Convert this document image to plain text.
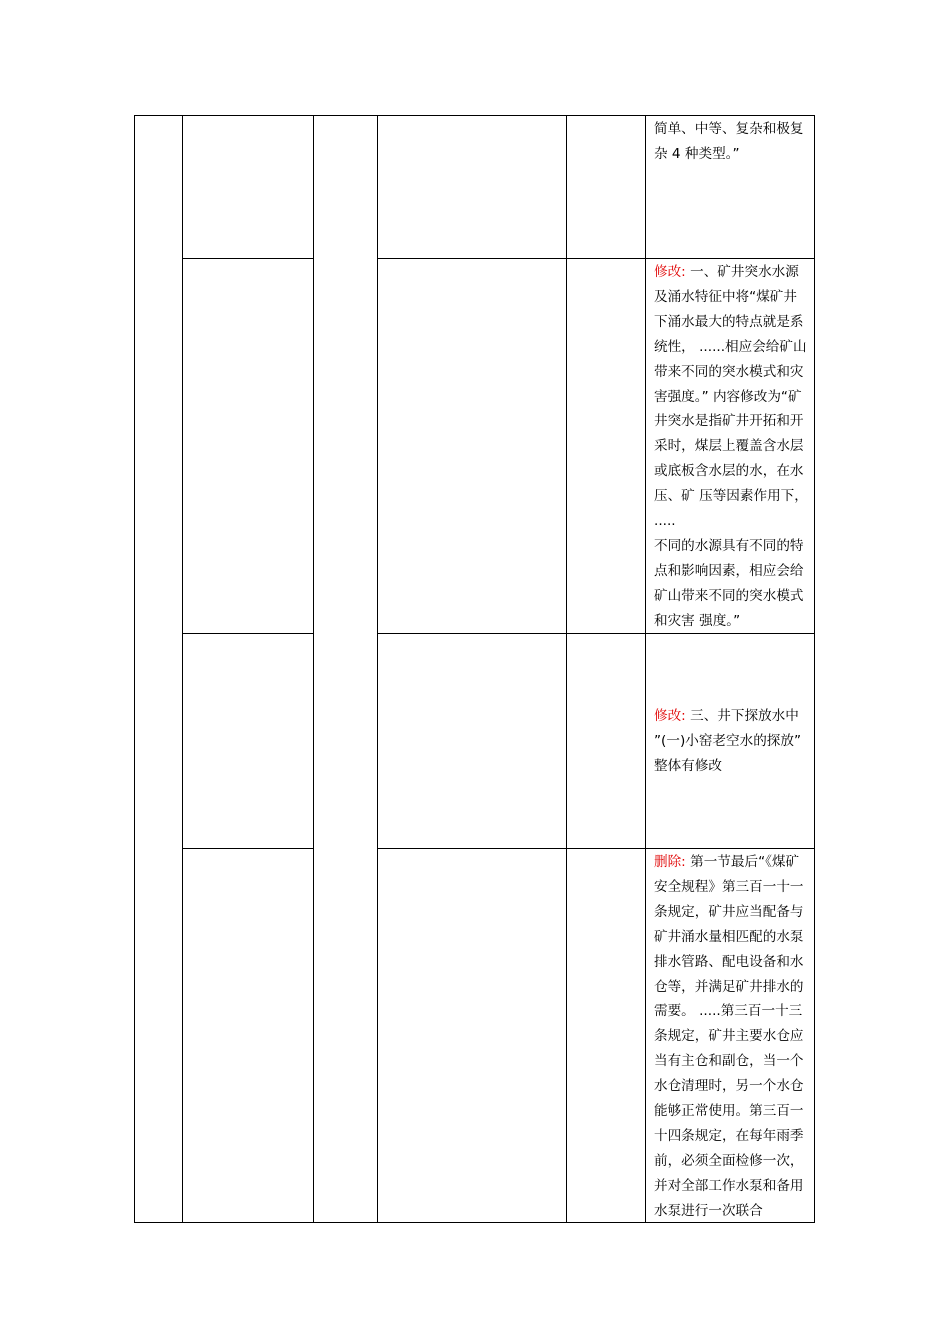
简单、中等、复杂和极复杂 4 种类型。”
修改: 一、矿井突水水源及涌水特征中将“煤矿井下涌水最大的特点就是系统性， ......相应会给矿山带来不同的突水模式和灾害强度。” 内容修改为“矿井突水是指矿井开拓和开采时，煤层上覆盖含水层或底板含水层的水，在水压、矿 压等因素作用下， .....
不同的水源具有不同的特点和影响因素，相应会给矿山带来不同的突水模式和灾害 强度。”
修改: 三、井下探放水中 ”(一)小窑老空水的探放” 整体有修改
删除: 第一节最后“《煤矿安全规程》第三百一十一条规定，矿井应当配备与矿井涌水量相匹配的水泵排水管路、配电设备和水仓等，并满足矿井排水的需要。 .....第三百一十三条规定，矿井主要水仓应当有主仓和副仓，当一个水仓清理时，另一个水仓能够正常使用。第三百一十四条规定，在每年雨季前，必须全面检修一次，并对全部工作水泵和备用水泵进行一次联合
